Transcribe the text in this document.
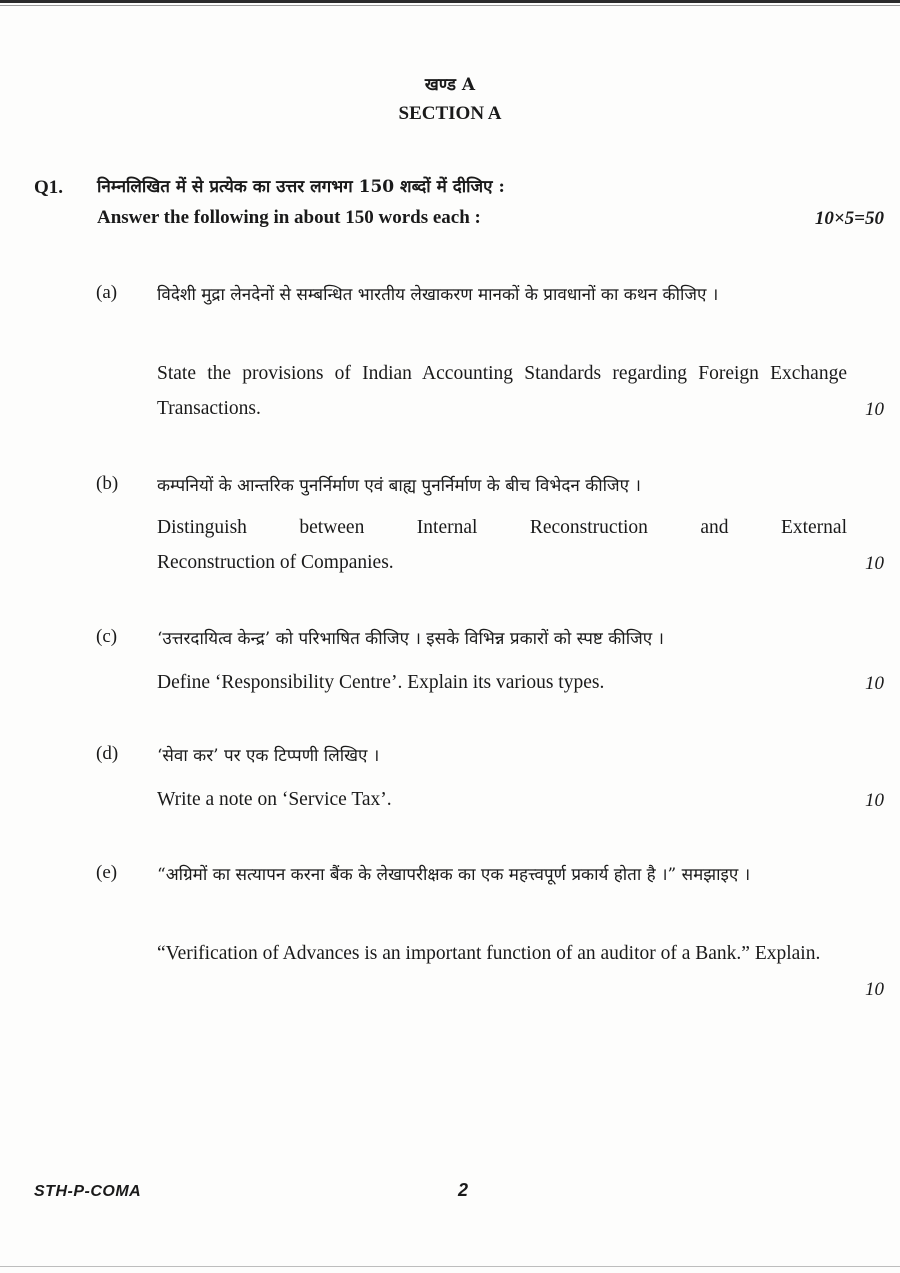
खण्ड A
SECTION A
Q1. निम्नलिखित में से प्रत्येक का उत्तर लगभग 150 शब्दों में दीजिए :
Answer the following in about 150 words each :	10×5=50
(a) विदेशी मुद्रा लेनदेनों से सम्बन्धित भारतीय लेखाकरण मानकों के प्रावधानों का कथन कीजिए ।

State the provisions of Indian Accounting Standards regarding Foreign Exchange Transactions.	10
(b) कम्पनियों के आन्तरिक पुनर्निर्माण एवं बाह्य पुनर्निर्माण के बीच विभेदन कीजिए ।

Distinguish between Internal Reconstruction and External

Reconstruction of Companies.	10
(c) ‘उत्तरदायित्व केन्द्र’ को परिभाषित कीजिए । इसके विभिन्न प्रकारों को स्पष्ट कीजिए ।

Define ‘Responsibility Centre’. Explain its various types.	10
(d) ‘सेवा कर’ पर एक टिप्पणी लिखिए ।

Write a note on ‘Service Tax’.	10
(e) “अग्रिमों का सत्यापन करना बैंक के लेखापरीक्षक का एक महत्त्वपूर्ण प्रकार्य होता है ।” समझाइए ।

“Verification of Advances is an important function of an auditor of a Bank.” Explain.

10
STH-P-COMA	2
